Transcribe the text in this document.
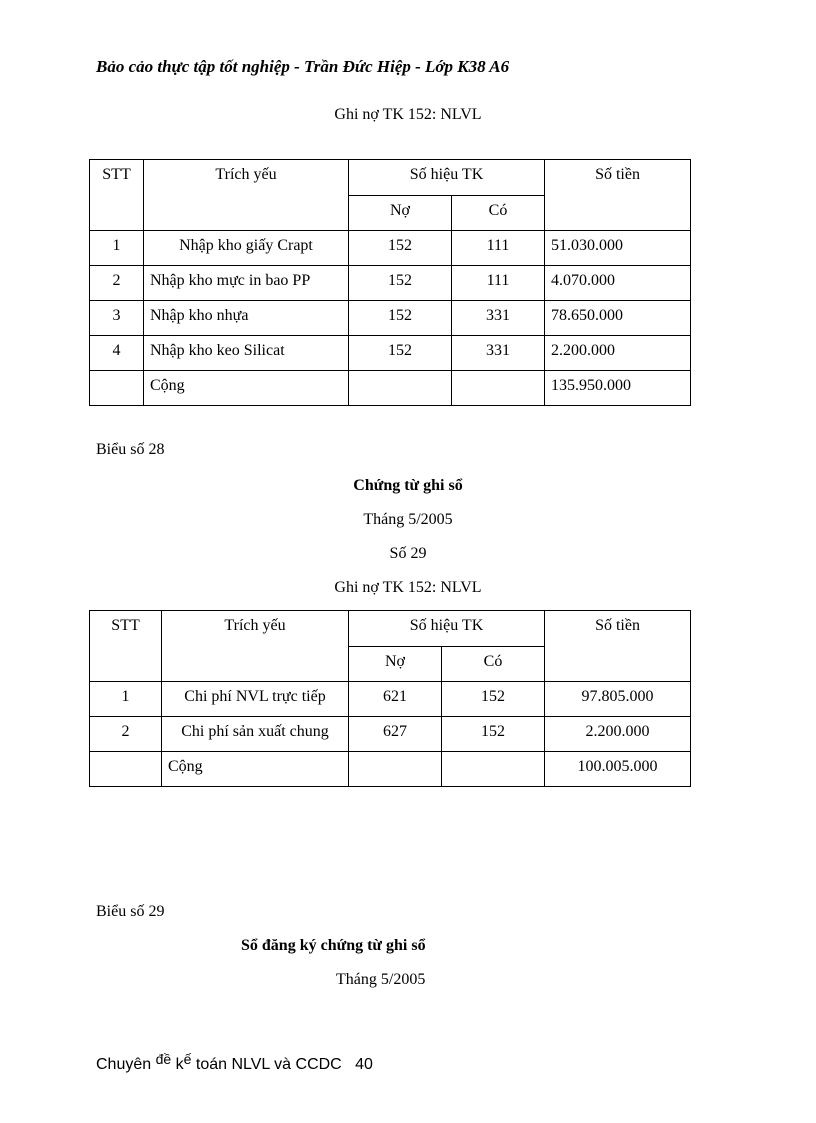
Bảo cảo thực tập tốt nghiệp - Trần Đức Hiệp - Lớp K38 A6
Ghi nợ TK 152: NLVL
STT	Trích yếu	Số hiệu TK		Số tiền
		Nợ	Có	
1	Nhập kho giấy Crapt	152	111	51.030.000
2	Nhập kho mực in bao PP	152	111	4.070.000
3	Nhập kho nhựa	152	331	78.650.000
4	Nhập kho keo Silicat	152	331	2.200.000
	Cộng			135.950.000
Biểu số 28
Chứng từ ghi sổ
Tháng 5/2005
Số 29
Ghi nợ TK 152: NLVL
STT	Trích yếu	Số hiệu TK		Số tiền
		Nợ	Có	
1	Chi phí NVL trực tiếp	621	152	97.805.000
2	Chi phí sản xuất chung	627	152	2.200.000
	Cộng			100.005.000
Biểu số 29
Sổ đăng ký chứng từ ghi sổ
Tháng 5/2005
Chuyên đề kế toán NLVL và CCDC 40
